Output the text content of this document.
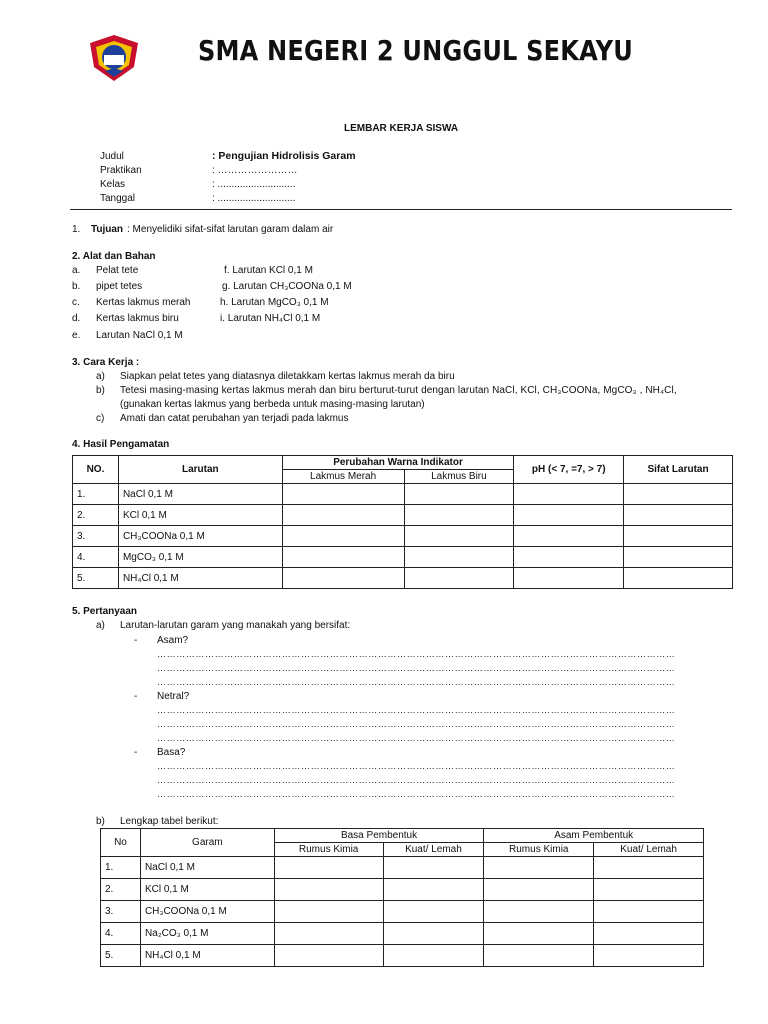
SMA NEGERI 2 UNGGUL SEKAYU
LEMBAR KERJA SISWA
Judul	: Pengujian Hidrolisis Garam
Praktikan	: ……………………
Kelas	: ............................
Tanggal	: ............................
1. Tujuan : Menyelidiki sifat-sifat larutan garam dalam air
2. Alat dan Bahan
a. Pelat tete
b. pipet tetes
c. Kertas lakmus merah
d. Kertas lakmus biru
e. Larutan NaCl 0,1 M
f. Larutan KCl 0,1 M
g. Larutan CH₃COONa 0,1 M
h. Larutan MgCO₃ 0,1 M
i. Larutan NH₄Cl 0,1 M
3. Cara Kerja :
a) Siapkan pelat tetes yang diatasnya diletakkam kertas lakmus merah da biru
b) Tetesi masing-masing kertas lakmus merah dan biru berturut-turut dengan larutan NaCl, KCl, CH₃COONa, MgCO₃ , NH₄Cl,
(gunakan kertas lakmus yang berbeda untuk masing-masing larutan)
c) Amati dan catat perubahan yan terjadi pada lakmus
4. Hasil Pengamatan
NO.	Larutan	Perubahan Warna Indikator		pH (< 7, =7, > 7)	Sifat Larutan
		Lakmus Merah	Lakmus Biru		
1.	NaCl 0,1 M				
2.	KCl 0,1 M				
3.	CH₃COONa 0,1 M				
4.	MgCO₃ 0,1 M				
5.	NH₄Cl 0,1 M				
5. Pertanyaan
a) Larutan-larutan garam yang manakah yang bersifat:
- Asam?
………………………………………………………………………………………………………………………………………………
………………………………………………………………………………………………………………………………………………
………………………………………………………………………………………………………………………………………………
- Netral?
………………………………………………………………………………………………………………………………………………
………………………………………………………………………………………………………………………………………………
………………………………………………………………………………………………………………………………………………
- Basa?
………………………………………………………………………………………………………………………………………………
………………………………………………………………………………………………………………………………………………
………………………………………………………………………………………………………………………………………………
b) Lengkap tabel berikut:
No	Garam	Basa Pembentuk		Asam Pembentuk	
		Rumus Kimia	Kuat/ Lemah	Rumus Kimia	Kuat/ Lemah
1.	NaCl 0,1 M				
2.	KCl 0,1 M				
3.	CH₃COONa 0,1 M				
4.	Na₂CO₃ 0,1 M				
5.	NH₄Cl 0,1 M				
